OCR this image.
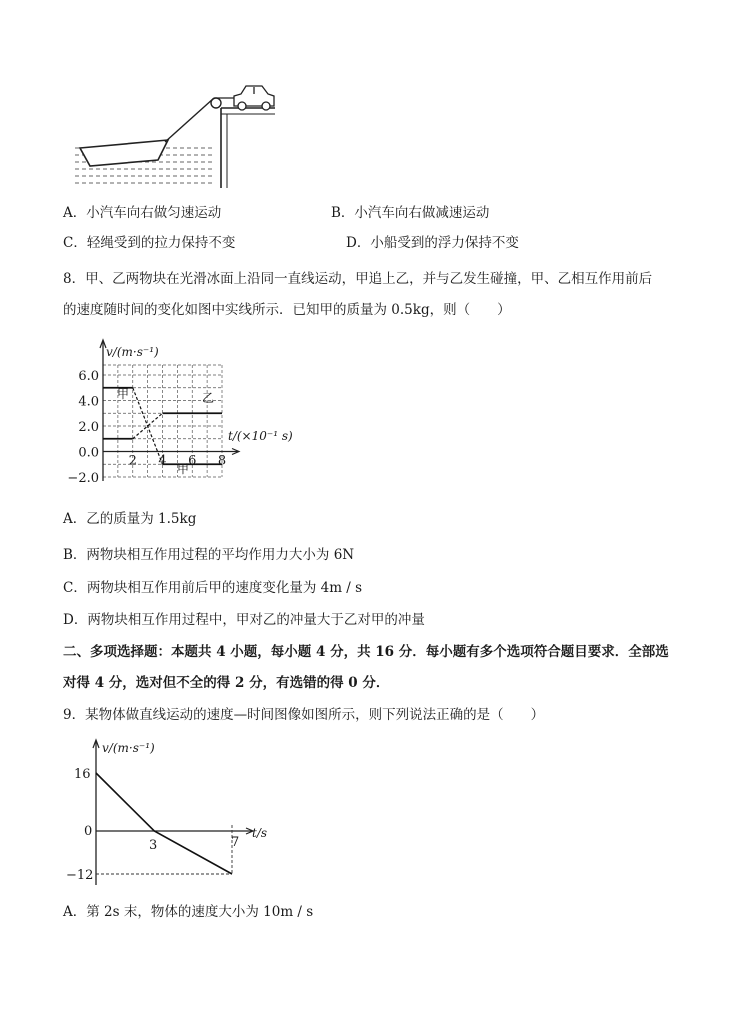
A．小汽车向右做匀速运动	B．小汽车向右做减速运动
C．轻绳受到的拉力保持不变	D．小船受到的浮力保持不变
8．甲、乙两物块在光滑冰面上沿同一直线运动，甲追上乙，并与乙发生碰撞，甲、乙相互作用前后
的速度随时间的变化如图中实线所示．已知甲的质量为 0.5kg，则（　　）
6.0
4.0
2.0
0.0
−2.0
2 4 6 8
v/(m·s⁻¹)
t/(×10⁻¹ s)
甲	乙
甲
A．乙的质量为 1.5kg
B．两物块相互作用过程的平均作用力大小为 6N
C．两物块相互作用前后甲的速度变化量为 4m / s
D．两物块相互作用过程中，甲对乙的冲量大于乙对甲的冲量
二、多项选择题：本题共 4 小题，每小题 4 分，共 16 分．每小题有多个选项符合题目要求．全部选
对得 4 分，选对但不全的得 2 分，有选错的得 0 分．
9．某物体做直线运动的速度—时间图像如图所示，则下列说法正确的是（　　）
v/(m·s⁻¹)
t/s
16
0
−12
3	7
A．第 2s 末，物体的速度大小为 10m / s
